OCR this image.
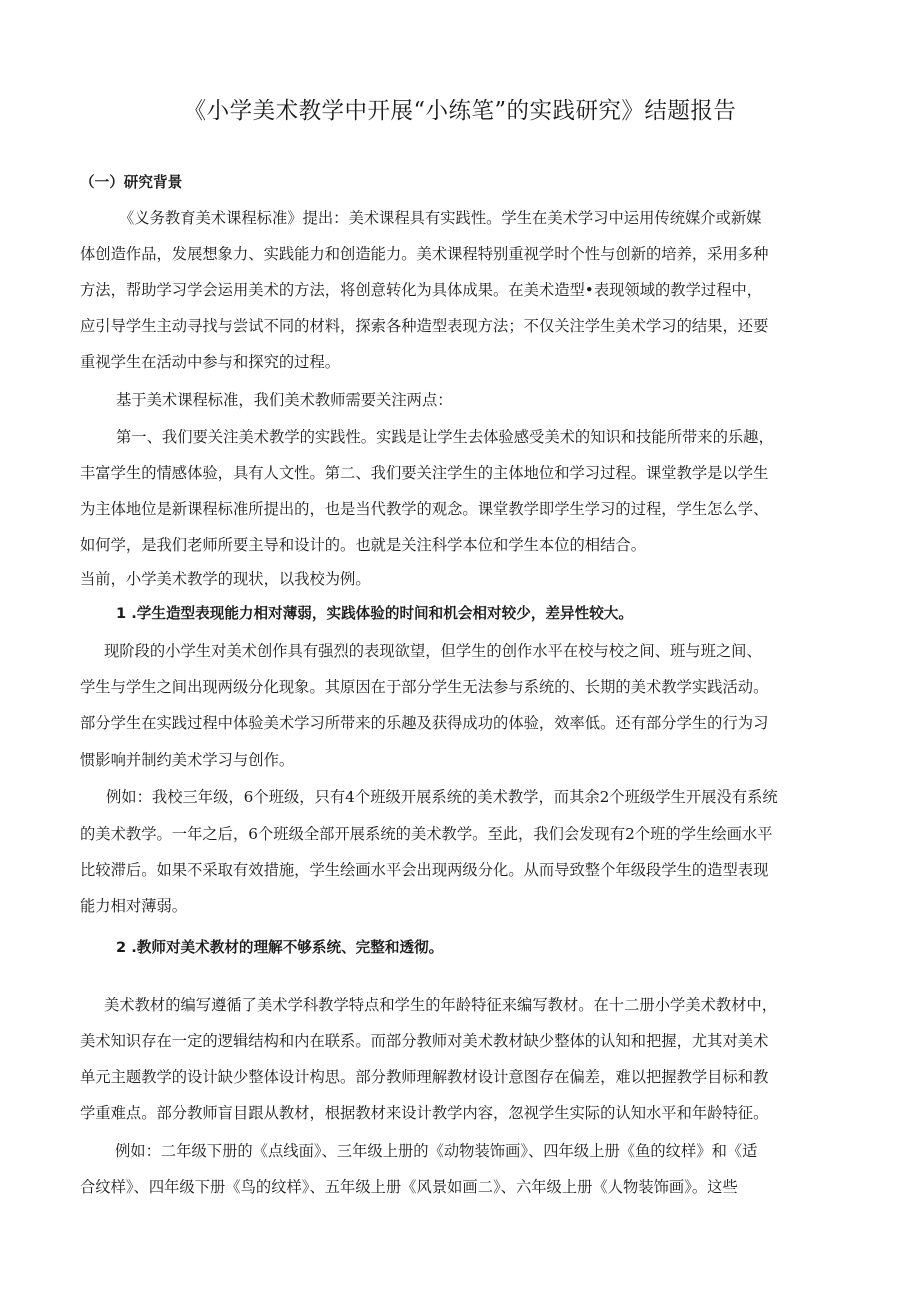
《小学美术教学中开展“小练笔”的实践研究》结题报告
（一）研究背景
《义务教育美术课程标准》提出：美术课程具有实践性。学生在美术学习中运用传统媒介或新媒
体创造作品，发展想象力、实践能力和创造能力。美术课程特别重视学时个性与创新的培养，采用多种
方法，帮助学习学会运用美术的方法，将创意转化为具体成果。在美术造型•表现领域的教学过程中，
应引导学生主动寻找与尝试不同的材料，探索各种造型表现方法；不仅关注学生美术学习的结果，还要
重视学生在活动中参与和探究的过程。
基于美术课程标准，我们美术教师需要关注两点：
第一、我们要关注美术教学的实践性。实践是让学生去体验感受美术的知识和技能所带来的乐趣，
丰富学生的情感体验，具有人文性。第二、我们要关注学生的主体地位和学习过程。课堂教学是以学生
为主体地位是新课程标准所提出的，也是当代教学的观念。课堂教学即学生学习的过程，学生怎么学、
如何学，是我们老师所要主导和设计的。也就是关注科学本位和学生本位的相结合。
当前，小学美术教学的现状，以我校为例。
1 .学生造型表现能力相对薄弱，实践体验的时间和机会相对较少，差异性较大。
现阶段的小学生对美术创作具有强烈的表现欲望，但学生的创作水平在校与校之间、班与班之间、
学生与学生之间出现两级分化现象。其原因在于部分学生无法参与系统的、长期的美术教学实践活动。
部分学生在实践过程中体验美术学习所带来的乐趣及获得成功的体验，效率低。还有部分学生的行为习
惯影响并制约美术学习与创作。
例如：我校三年级，6个班级，只有4个班级开展系统的美术教学，而其余2个班级学生开展没有系统
的美术教学。一年之后，6个班级全部开展系统的美术教学。至此，我们会发现有2个班的学生绘画水平
比较滞后。如果不采取有效措施，学生绘画水平会出现两级分化。从而导致整个年级段学生的造型表现
能力相对薄弱。
2 .教师对美术教材的理解不够系统、完整和透彻。
美术教材的编写遵循了美术学科教学特点和学生的年龄特征来编写教材。在十二册小学美术教材中，
美术知识存在一定的逻辑结构和内在联系。而部分教师对美术教材缺少整体的认知和把握，尤其对美术
单元主题教学的设计缺少整体设计构思。部分教师理解教材设计意图存在偏差，难以把握教学目标和教
学重难点。部分教师盲目跟从教材，根据教材来设计教学内容，忽视学生实际的认知水平和年龄特征。
例如：二年级下册的《点线面》、三年级上册的《动物装饰画》、四年级上册《鱼的纹样》和《适
合纹样》、四年级下册《鸟的纹样》、五年级上册《风景如画二》、六年级上册《人物装饰画》。这些
